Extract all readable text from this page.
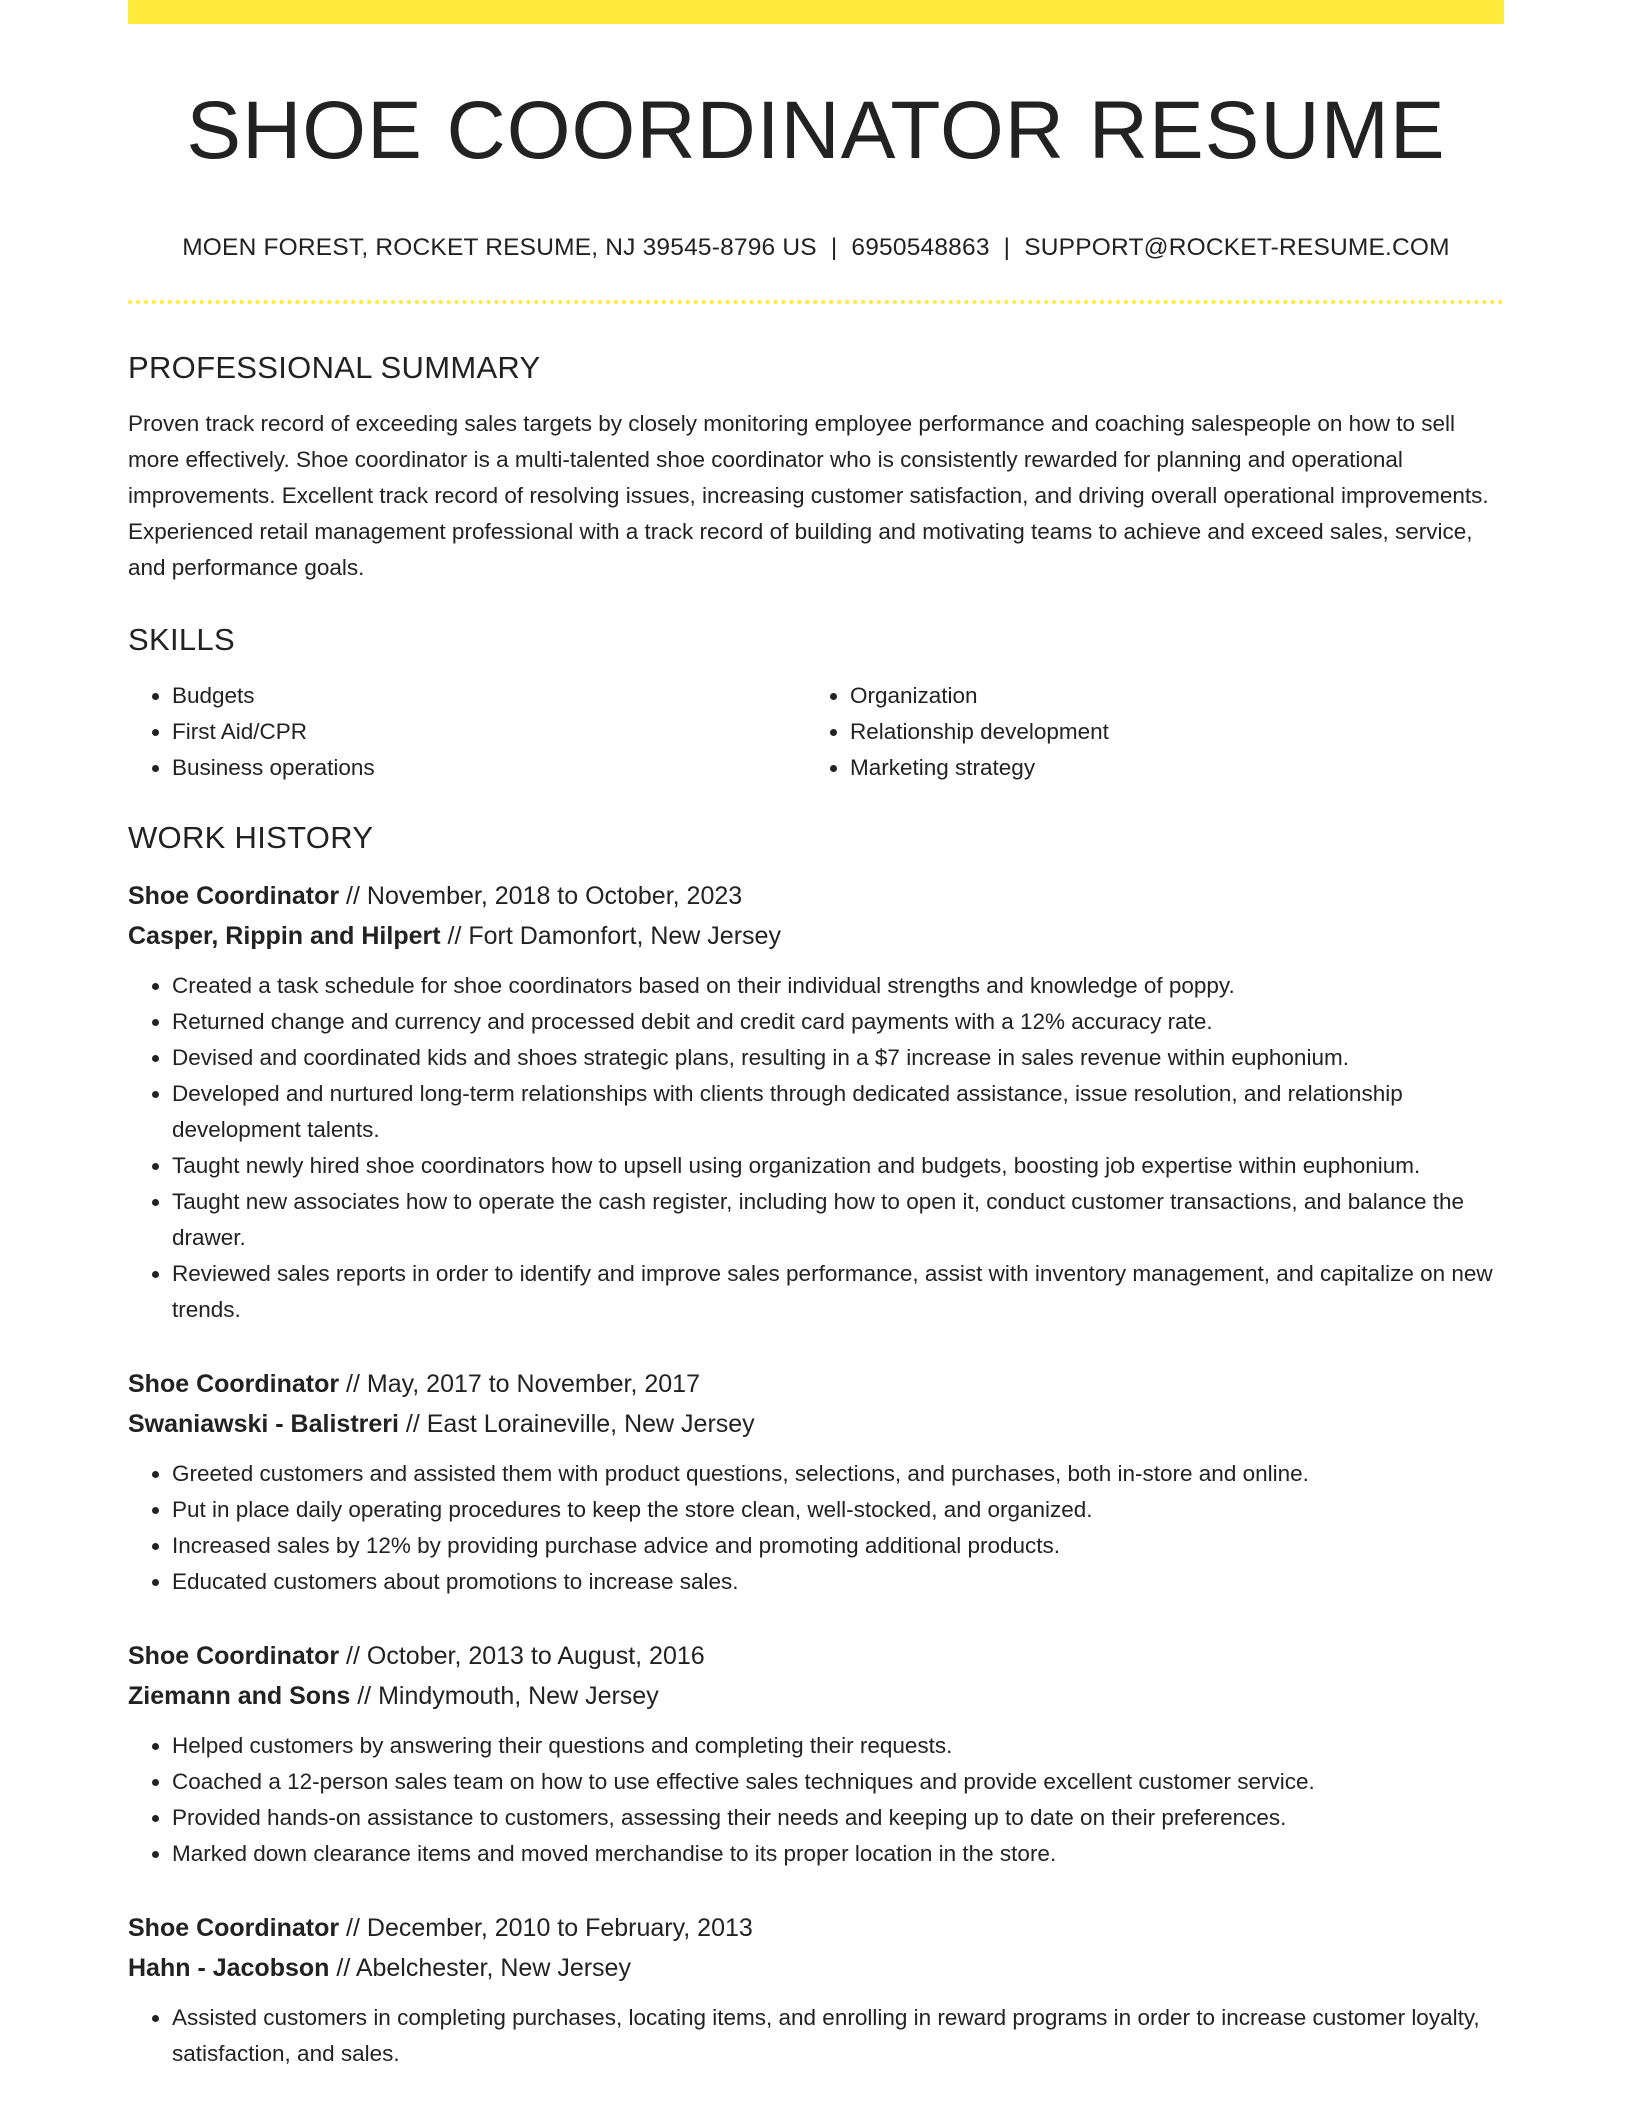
SHOE COORDINATOR RESUME
MOEN FOREST, ROCKET RESUME, NJ 39545-8796 US | 6950548863 | SUPPORT@ROCKET-RESUME.COM
PROFESSIONAL SUMMARY
Proven track record of exceeding sales targets by closely monitoring employee performance and coaching salespeople on how to sell more effectively. Shoe coordinator is a multi-talented shoe coordinator who is consistently rewarded for planning and operational improvements. Excellent track record of resolving issues, increasing customer satisfaction, and driving overall operational improvements. Experienced retail management professional with a track record of building and motivating teams to achieve and exceed sales, service, and performance goals.
SKILLS
• Budgets
• First Aid/CPR
• Business operations
• Organization
• Relationship development
• Marketing strategy
WORK HISTORY
Shoe Coordinator // November, 2018 to October, 2023
Casper, Rippin and Hilpert // Fort Damonfort, New Jersey
• Created a task schedule for shoe coordinators based on their individual strengths and knowledge of poppy.
• Returned change and currency and processed debit and credit card payments with a 12% accuracy rate.
• Devised and coordinated kids and shoes strategic plans, resulting in a $7 increase in sales revenue within euphonium.
• Developed and nurtured long-term relationships with clients through dedicated assistance, issue resolution, and relationship development talents.
• Taught newly hired shoe coordinators how to upsell using organization and budgets, boosting job expertise within euphonium.
• Taught new associates how to operate the cash register, including how to open it, conduct customer transactions, and balance the drawer.
• Reviewed sales reports in order to identify and improve sales performance, assist with inventory management, and capitalize on new trends.
Shoe Coordinator // May, 2017 to November, 2017
Swaniawski - Balistreri // East Loraineville, New Jersey
• Greeted customers and assisted them with product questions, selections, and purchases, both in-store and online.
• Put in place daily operating procedures to keep the store clean, well-stocked, and organized.
• Increased sales by 12% by providing purchase advice and promoting additional products.
• Educated customers about promotions to increase sales.
Shoe Coordinator // October, 2013 to August, 2016
Ziemann and Sons // Mindymouth, New Jersey
• Helped customers by answering their questions and completing their requests.
• Coached a 12-person sales team on how to use effective sales techniques and provide excellent customer service.
• Provided hands-on assistance to customers, assessing their needs and keeping up to date on their preferences.
• Marked down clearance items and moved merchandise to its proper location in the store.
Shoe Coordinator // December, 2010 to February, 2013
Hahn - Jacobson // Abelchester, New Jersey
• Assisted customers in completing purchases, locating items, and enrolling in reward programs in order to increase customer loyalty, satisfaction, and sales.
